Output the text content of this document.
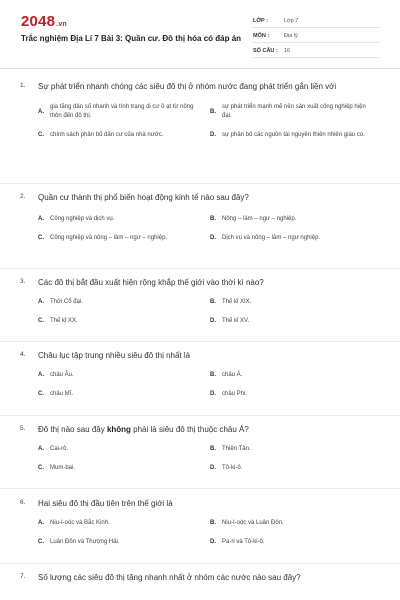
2048.vn
Trắc nghiệm Địa Lí 7 Bài 3: Quần cư. Đô thị hóa có đáp án
LỚP :	Lớp 7
MÔN :	Địa lý
SỐ CÂU : 16
1. Sự phát triển nhanh chóng các siêu đô thị ở nhóm nước đang phát triển gắn liền với
A.
gia tăng dân số nhanh và tình trạng di cư ồ ạt từ nông thôn đến đô thị.
B.
sự phát triển mạnh mẽ nền sản xuất công nghiệp hiện đại.
C.	chính sách phân bố dân cư của nhà nước.	D.	sự phân bố các nguồn tài nguyên thiên nhiên giàu có.
2. Quần cư thành thị phổ biến hoạt động kinh tế nào sau đây?
A.	Công nghiệp và dịch vụ.	B.	Nông – lâm – ngư – nghiệp.
C.	Công nghiệp và nông – lâm – ngư – nghiệp.	D.	Dịch vụ và nông – lâm – ngư nghiệp.
3. Các đô thị bắt đầu xuất hiện rộng khắp thế giới vào thời kì nào?
A.	Thời Cổ đại.	B.	Thế kỉ XIX.
C.	Thế kỉ XX.	D.	Thế kỉ XV.
4. Châu lục tập trung nhiều siêu đô thị nhất là
A.	châu Âu.	B.	châu Á.
C.	châu Mĩ.	D.	châu Phi.
5. Đô thị nào sau đây không phải là siêu đô thị thuộc châu Á?
A.	Cai-rô.	B.	Thiên Tân.
C.	Mum-bai.	D.	Tô-ki-ô.
6. Hai siêu đô thị đầu tiên trên thế giới là
A.	Niu-I-oóc và Bắc Kinh.	B.	Niu-I-oóc và Luân Đôn.
C.	Luân Đôn và Thượng Hải.	D.	Pa-ri và Tô-ki-ô.
7. Số lượng các siêu đô thị tăng nhanh nhất ở nhóm các nước nào sau đây?
